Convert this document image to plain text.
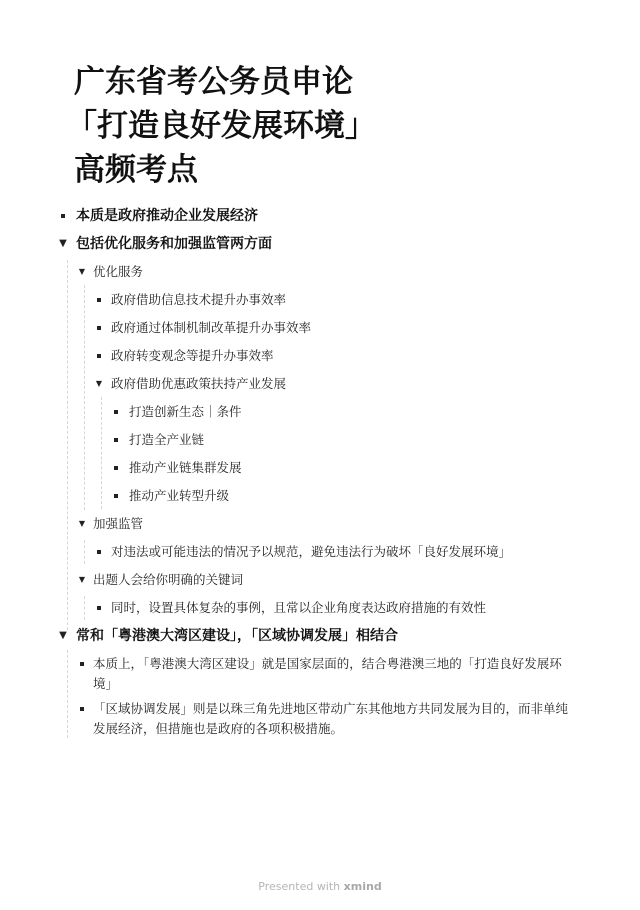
广东省考公务员申论
「打造良好发展环境」
高频考点
本质是政府推动企业发展经济
▼ 包括优化服务和加强监管两方面
▼ 优化服务
政府借助信息技术提升办事效率
政府通过体制机制改革提升办事效率
政府转变观念等提升办事效率
▼ 政府借助优惠政策扶持产业发展
打造创新生态｜条件
打造全产业链
推动产业链集群发展
推动产业转型升级
▼ 加强监管
对违法或可能违法的情况予以规范，避免违法行为破坏「良好发展环境」
▼ 出题人会给你明确的关键词
同时，设置具体复杂的事例，且常以企业角度表达政府措施的有效性
▼ 常和「粤港澳大湾区建设」，「区域协调发展」相结合
本质上，「粤港澳大湾区建设」就是国家层面的，结合粤港澳三地的「打造良好发展环境」
「区域协调发展」则是以珠三角先进地区带动广东其他地方共同发展为目的，而非单纯发展经济，但措施也是政府的各项积极措施。
Presented with xmind
